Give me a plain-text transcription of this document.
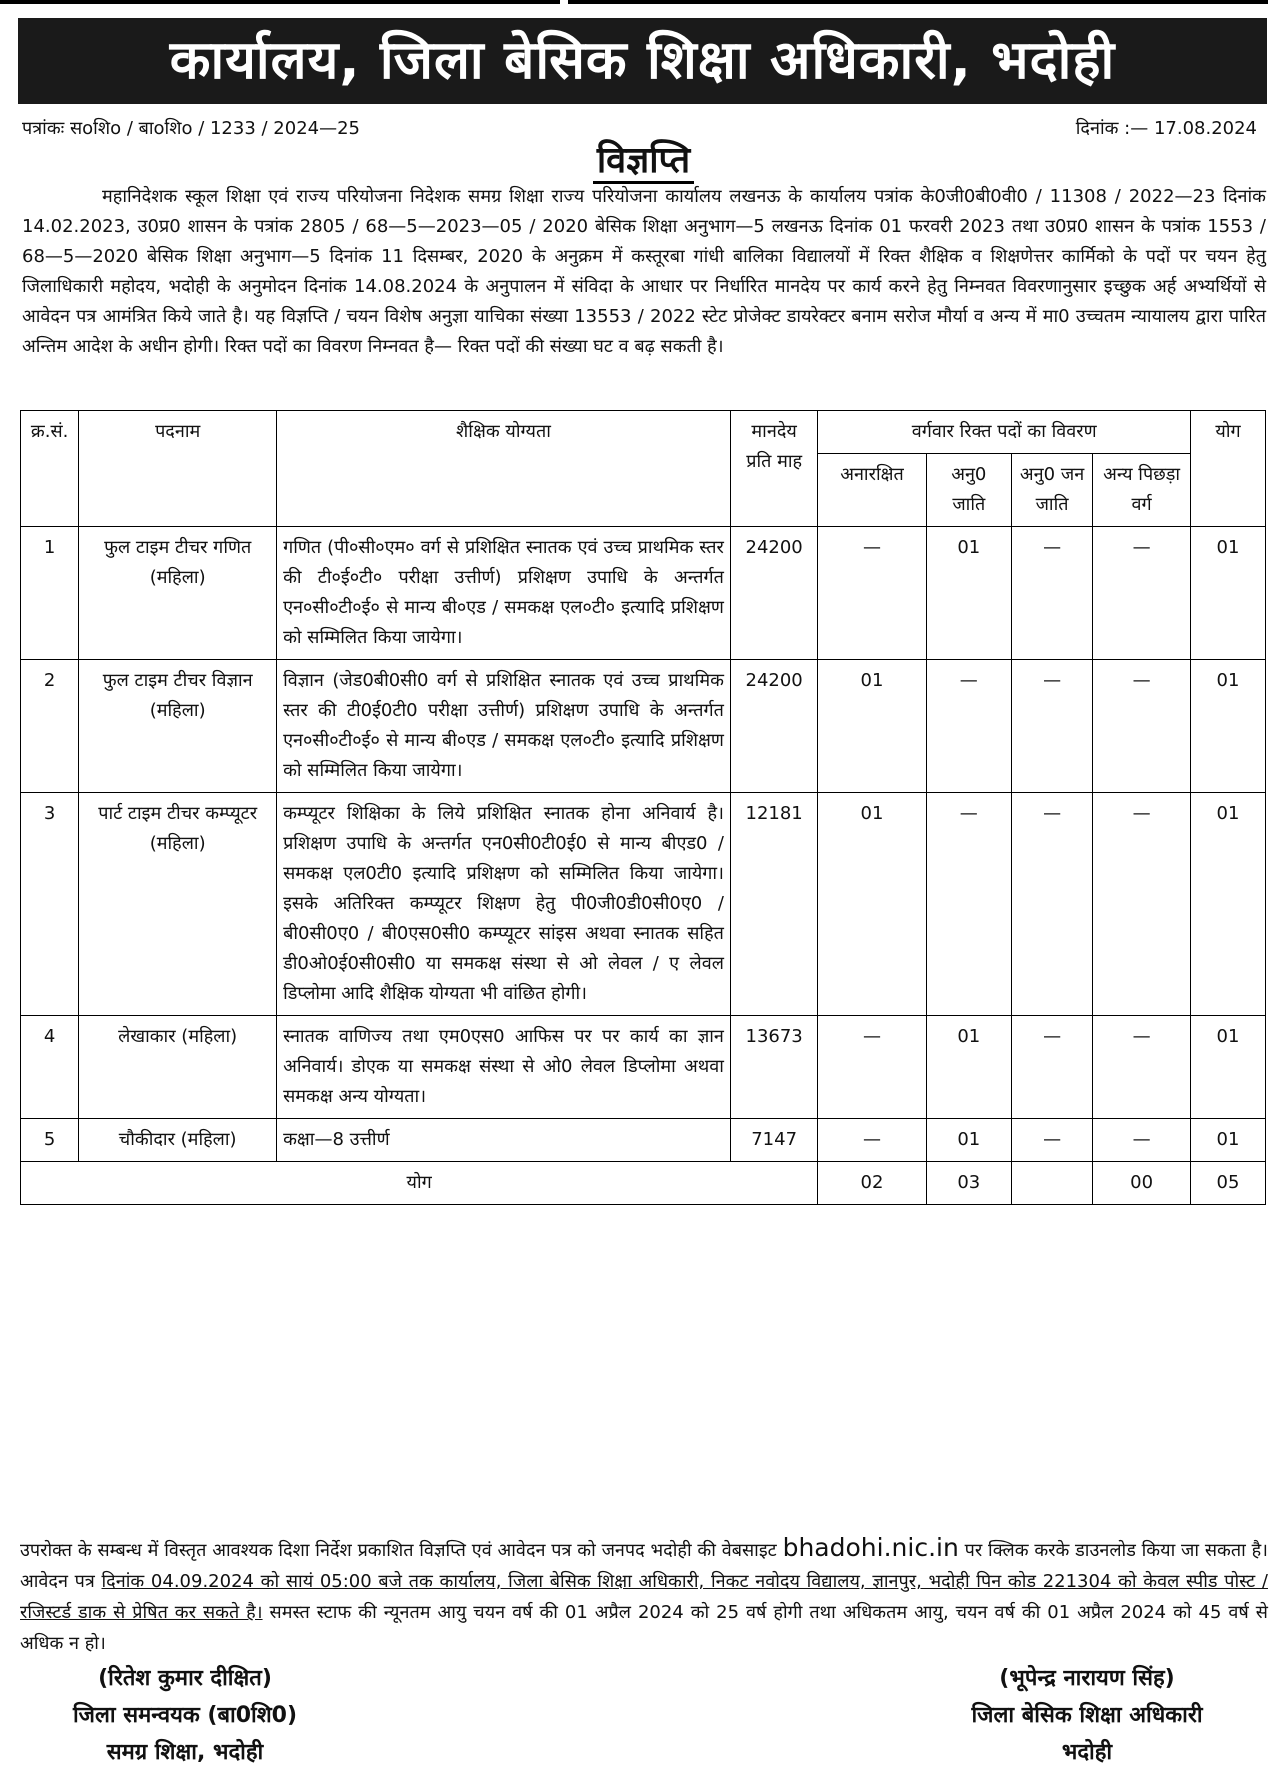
कार्यालय, जिला बेसिक शिक्षा अधिकारी, भदोही
पत्रांकः सoशिo / बाoशिo / 1233 / 2024—25	दिनांक :— 17.08.2024
विज्ञप्ति
महानिदेशक स्कूल शिक्षा एवं राज्य परियोजना निदेशक समग्र शिक्षा राज्य परियोजना कार्यालय लखनऊ के कार्यालय पत्रांक के0जी0बी0वी0 / 11308 / 2022—23 दिनांक 14.02.2023, उ0प्र0 शासन के पत्रांक 2805 / 68—5—2023—05 / 2020 बेसिक शिक्षा अनुभाग—5 लखनऊ दिनांक 01 फरवरी 2023 तथा उ0प्र0 शासन के पत्रांक 1553 / 68—5—2020 बेसिक शिक्षा अनुभाग—5 दिनांक 11 दिसम्बर, 2020 के अनुक्रम में कस्तूरबा गांधी बालिका विद्यालयों में रिक्त शैक्षिक व शिक्षणेत्तर कार्मिको के पदों पर चयन हेतु जिलाधिकारी महोदय, भदोही के अनुमोदन दिनांक 14.08.2024 के अनुपालन में संविदा के आधार पर निर्धारित मानदेय पर कार्य करने हेतु निम्नवत विवरणानुसार इच्छुक अर्ह अभ्यर्थियों से आवेदन पत्र आमंत्रित किये जाते है। यह विज्ञप्ति / चयन विशेष अनुज्ञा याचिका संख्या 13553 / 2022 स्टेट प्रोजेक्ट डायरेक्टर बनाम सरोज मौर्या व अन्य में मा0 उच्चतम न्यायालय द्वारा पारित अन्तिम आदेश के अधीन होगी। रिक्त पदों का विवरण निम्नवत है— रिक्त पदों की संख्या घट व बढ़ सकती है।
क्र.सं.	पदनाम	शैक्षिक योग्यता	मानदेय प्रति माह	वर्गवार रिक्त पदों का विवरण				योग
				अनारक्षित	अनु0 जाति	अनु0 जन जाति	अन्य पिछड़ा वर्ग	
1	फुल टाइम टीचर गणित (महिला)	गणित (पी०सी०एम० वर्ग से प्रशिक्षित स्नातक एवं उच्च प्राथमिक स्तर की टी०ई०टी० परीक्षा उत्तीर्ण) प्रशिक्षण उपाधि के अन्तर्गत एन०सी०टी०ई० से मान्य बी०एड / समकक्ष एल०टी० इत्यादि प्रशिक्षण को सम्मिलित किया जायेगा।	24200	—	01	—	—	01
2	फुल टाइम टीचर विज्ञान (महिला)	विज्ञान (जेड0बी0सी0 वर्ग से प्रशिक्षित स्नातक एवं उच्च प्राथमिक स्तर की टी0ई0टी0 परीक्षा उत्तीर्ण) प्रशिक्षण उपाधि के अन्तर्गत एन०सी०टी०ई० से मान्य बी०एड / समकक्ष एल०टी० इत्यादि प्रशिक्षण को सम्मिलित किया जायेगा।	24200	01	—	—	—	01
3	पार्ट टाइम टीचर कम्प्यूटर (महिला)	कम्प्यूटर शिक्षिका के लिये प्रशिक्षित स्नातक होना अनिवार्य है। प्रशिक्षण उपाधि के अन्तर्गत एन0सी0टी0ई0 से मान्य बीएड0 / समकक्ष एल0टी0 इत्यादि प्रशिक्षण को सम्मिलित किया जायेगा। इसके अतिरिक्त कम्प्यूटर शिक्षण हेतु पी0जी0डी0सी0ए0 / बी0सी0ए0 / बी0एस0सी0 कम्प्यूटर सांइस अथवा स्नातक सहित डी0ओ0ई0सी0सी0 या समकक्ष संस्था से ओ लेवल / ए लेवल डिप्लोमा आदि शैक्षिक योग्यता भी वांछित होगी।	12181	01	—	—	—	01
4	लेखाकार (महिला)	स्नातक वाणिज्य तथा एम0एस0 आफिस पर पर कार्य का ज्ञान अनिवार्य। डोएक या समकक्ष संस्था से ओ0 लेवल डिप्लोमा अथवा समकक्ष अन्य योग्यता।	13673	—	01	—	—	01
5	चौकीदार (महिला)	कक्षा—8 उत्तीर्ण	7147	—	01	—	—	01
योग				02	03		00	05
उपरोक्त के सम्बन्ध में विस्तृत आवश्यक दिशा निर्देश प्रकाशित विज्ञप्ति एवं आवेदन पत्र को जनपद भदोही की वेबसाइट bhadohi.nic.in पर क्लिक करके डाउनलोड किया जा सकता है। आवेदन पत्र दिनांक 04.09.2024 को सायं 05:00 बजे तक कार्यालय, जिला बेसिक शिक्षा अधिकारी, निकट नवोदय विद्यालय, ज्ञानपुर, भदोही पिन कोड 221304 को केवल स्पीड पोस्ट / रजिस्टर्ड डाक से प्रेषित कर सकते है। समस्त स्टाफ की न्यूनतम आयु चयन वर्ष की 01 अप्रैल 2024 को 25 वर्ष होगी तथा अधिकतम आयु, चयन वर्ष की 01 अप्रैल 2024 को 45 वर्ष से अधिक न हो।
(रितेश कुमार दीक्षित)
जिला समन्वयक (बा0शि0)
समग्र शिक्षा, भदोही
(भूपेन्द्र नारायण सिंह)
जिला बेसिक शिक्षा अधिकारी
भदोही
